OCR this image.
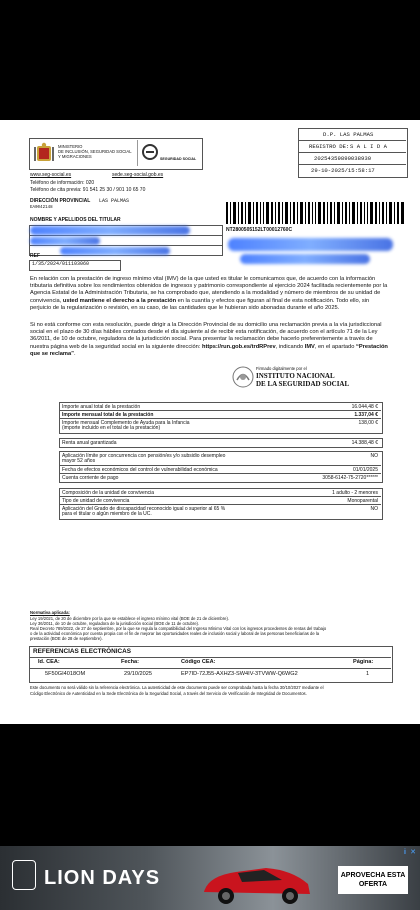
MINISTERIO
DE INCLUSIÓN, SEGURIDAD SOCIAL
Y MIGRACIONES	SEGURIDAD SOCIAL
www.seg-social.es	sede.seg-social.gob.es
Teléfono de información: 020
Teléfono de cita previa: 91 541 25 30 / 901 10 65 70
DIRECCIÓN PROVINCIAL LAS PALMAS
EA0042148
D.P. LAS PALMAS
REGISTRO DE: S A L I D A
20254359890038930
29-10-2025/15:58:17
NT2800505152LT00012760C
NOMBRE Y APELLIDOS DEL TITULAR
REF
1/35/2024/011103060
En relación con la prestación de ingreso mínimo vital (IMV) de la que usted es titular le comunicamos que, de acuerdo con la información tributaria definitiva sobre los rendimientos obtenidos de ingresos y patrimonio correspondiente al ejercicio 2024 facilitada recientemente por la Agencia Estatal de la Administración Tributaria, se ha comprobado que, atendiendo a la modalidad y número de miembros de su unidad de convivencia, usted mantiene el derecho a la prestación en la cuantía y efectos que figuran al final de esta notificación. Todo ello, sin perjuicio de la regularización o revisión, en su caso, de las cantidades que le hubieran sido abonadas durante el año 2025.
Si no está conforme con esta resolución, puede dirigir a la Dirección Provincial de su domicilio una reclamación previa a la vía jurisdiccional social en el plazo de 30 días hábiles contados desde el día siguiente al de recibir esta notificación, de acuerdo con el artículo 71 de la Ley 36/2011, de 10 de octubre, reguladora de la jurisdicción social. Para presentar la reclamación debe hacerlo preferentemente a través de nuestra página web de la seguridad social en la siguiente dirección: https://run.gob.es/trdRPrev, indicando IMV, en el apartado “Prestación que se reclama”.
Firmado digitalmente por el
INSTITUTO NACIONAL
DE LA SEGURIDAD SOCIAL
Importe anual total de la prestación	16.044,48 €
Importe mensual total de la prestación	1.337,04 €
Importe mensual Complemento de Ayuda para la Infancia
(importe incluido en el total de la prestación)
138,00 €
Renta anual garantizada	14.388,48 €
Aplicación límite por concurrencia con pensión/es y/o subsidio desempleo
mayor 52 años
NO
Fecha de efectos económicos del control de vulnerabilidad económica	01/01/2025
Cuenta corriente de pago	3058-6142-75-2720******
Composición de la unidad de convivencia	1 adulto - 2 menores
Tipo de unidad de convivencia	Monoparental
Aplicación del Grado de discapacidad reconocido igual o superior al 65 %
para el titular o algún miembro de la UC.
NO
Normativa aplicada:
Ley 19/2021, de 20 de diciembre por la que se establece el ingreso mínimo vital (BOE de 21 de diciembre).
Ley 36/2011, de 10 de octubre, reguladora de la jurisdicción social (BOE de 11 de octubre).
Real Decreto 789/2022, de 27 de septiembre, por la que se regula la compatibilidad del Ingreso Mínimo Vital con los ingresos procedentes de rentas del trabajo
o de la actividad económica por cuenta propia con el fin de mejorar las oportunidades reales de inclusión social y laboral de las personas beneficiarias de la
prestación (BOE de 28 de septiembre).
REFERENCIAS ELECTRÓNICAS
Id. CEA:	Fecha:	Código CEA:	Página:
5F50GI4018OM	29/10/2025	EP7ID-72J55-AXHZ3-SW4IV-3TVWW-Q6WG2	1
Este documento no será válido sin la referencia electrónica. La autenticidad de este documento puede ser comprobada hasta la fecha 30/10/2027 mediante el
Código Electrónico de Autenticidad en la Sede Electrónica de la Seguridad Social, a través del Servicio de Verificación de Integridad de Documentos.
LION DAYS	APROVECHA ESTA OFERTA
i ✕
